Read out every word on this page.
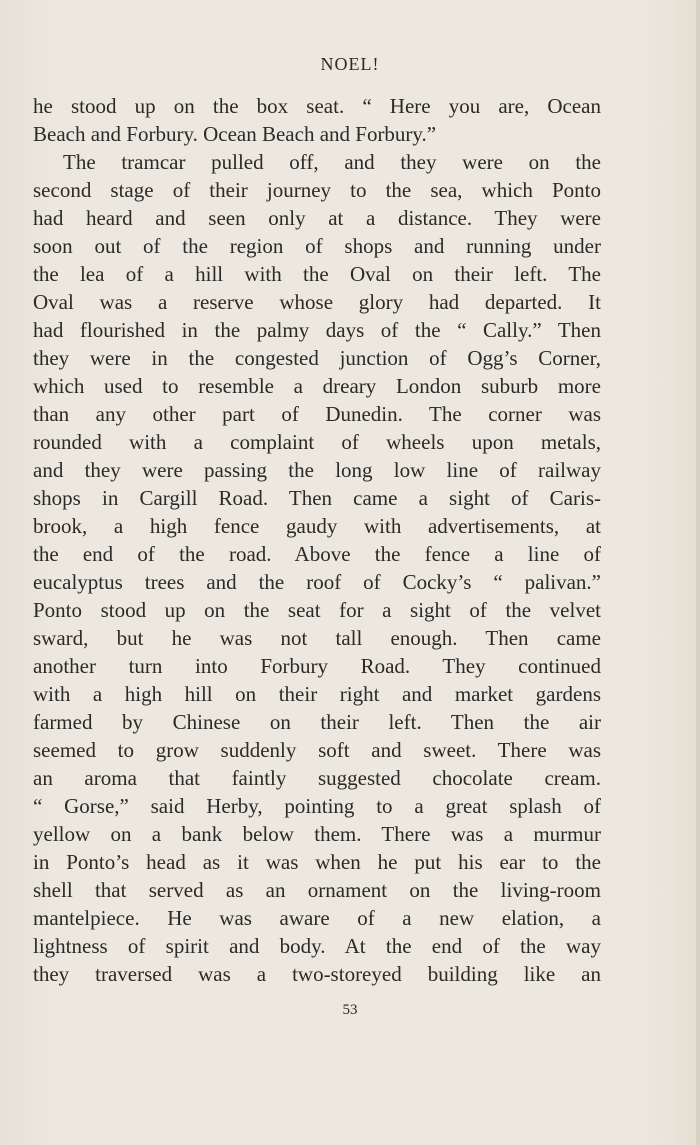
NOEL!
he stood up on the box seat. “ Here you are, Ocean
Beach and Forbury. Ocean Beach and Forbury.”
The tramcar pulled off, and they were on the
second stage of their journey to the sea, which Ponto
had heard and seen only at a distance. They were
soon out of the region of shops and running under
the lea of a hill with the Oval on their left. The
Oval was a reserve whose glory had departed. It
had flourished in the palmy days of the “ Cally.” Then
they were in the congested junction of Ogg’s Corner,
which used to resemble a dreary London suburb more
than any other part of Dunedin. The corner was
rounded with a complaint of wheels upon metals,
and they were passing the long low line of railway
shops in Cargill Road. Then came a sight of Caris-
brook, a high fence gaudy with advertisements, at
the end of the road. Above the fence a line of
eucalyptus trees and the roof of Cocky’s “ palivan.”
Ponto stood up on the seat for a sight of the velvet
sward, but he was not tall enough. Then came
another turn into Forbury Road. They continued
with a high hill on their right and market gardens
farmed by Chinese on their left. Then the air
seemed to grow suddenly soft and sweet. There was
an aroma that faintly suggested chocolate cream.
“ Gorse,” said Herby, pointing to a great splash of
yellow on a bank below them. There was a murmur
in Ponto’s head as it was when he put his ear to the
shell that served as an ornament on the living-room
mantelpiece. He was aware of a new elation, a
lightness of spirit and body. At the end of the way
they traversed was a two-storeyed building like an
53
